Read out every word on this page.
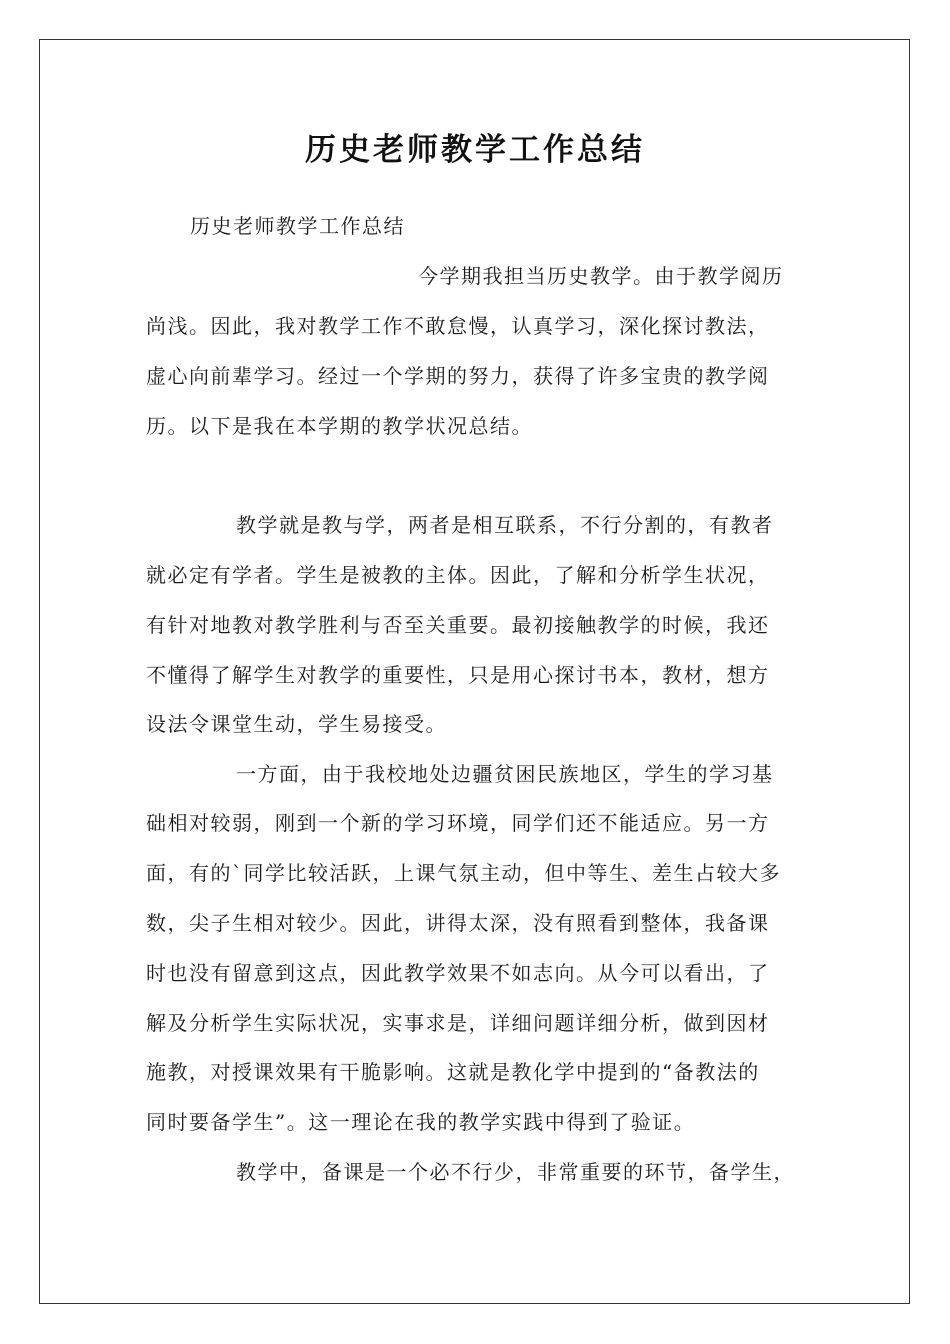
历史老师教学工作总结
历史老师教学工作总结
今学期我担当历史教学。由于教学阅历
尚浅。因此，我对教学工作不敢怠慢，认真学习，深化探讨教法，
虚心向前辈学习。经过一个学期的努力，获得了许多宝贵的教学阅
历。以下是我在本学期的教学状况总结。
教学就是教与学，两者是相互联系，不行分割的，有教者
就必定有学者。学生是被教的主体。因此，了解和分析学生状况，
有针对地教对教学胜利与否至关重要。最初接触教学的时候，我还
不懂得了解学生对教学的重要性，只是用心探讨书本，教材，想方
设法令课堂生动，学生易接受。
一方面，由于我校地处边疆贫困民族地区，学生的学习基
础相对较弱，刚到一个新的学习环境，同学们还不能适应。另一方
面，有的`同学比较活跃，上课气氛主动，但中等生、差生占较大多
数，尖子生相对较少。因此，讲得太深，没有照看到整体，我备课
时也没有留意到这点，因此教学效果不如志向。从今可以看出，了
解及分析学生实际状况，实事求是，详细问题详细分析，做到因材
施教，对授课效果有干脆影响。这就是教化学中提到的“备教法的
同时要备学生”。这一理论在我的教学实践中得到了验证。
教学中，备课是一个必不行少，非常重要的环节，备学生，
